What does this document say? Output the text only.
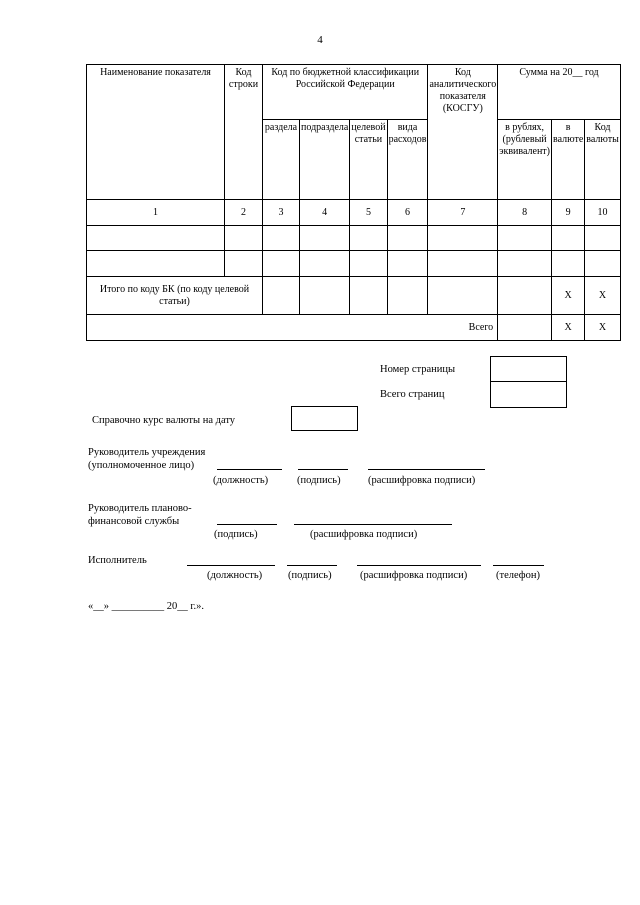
4
Наименование показателя	Код строки	Код по бюджетной классификации Российской Федерации				Код аналитического показателя (КОСГУ)	Сумма на 20__ год		
		раздела	подраздела	целевой статьи	вида расходов		в рублях, (рублевый эквивалент)	в валюте	Код валюты
1	2	3	4	5	6	7	8	9	10

Итого по коду БК (по коду целевой статьи)								X	X
Всего								X	X
Номер страницы
Всего страниц
Справочно курс валюты на дату
Руководитель учреждения
(уполномоченное лицо)
(должность)	(подпись)	(расшифровка подписи)
Руководитель планово-
финансовой службы
(подпись)	(расшифровка подписи)
Исполнитель
(должность) (подпись)	(расшифровка подписи)	(телефон)
«__» __________ 20__ г.».
